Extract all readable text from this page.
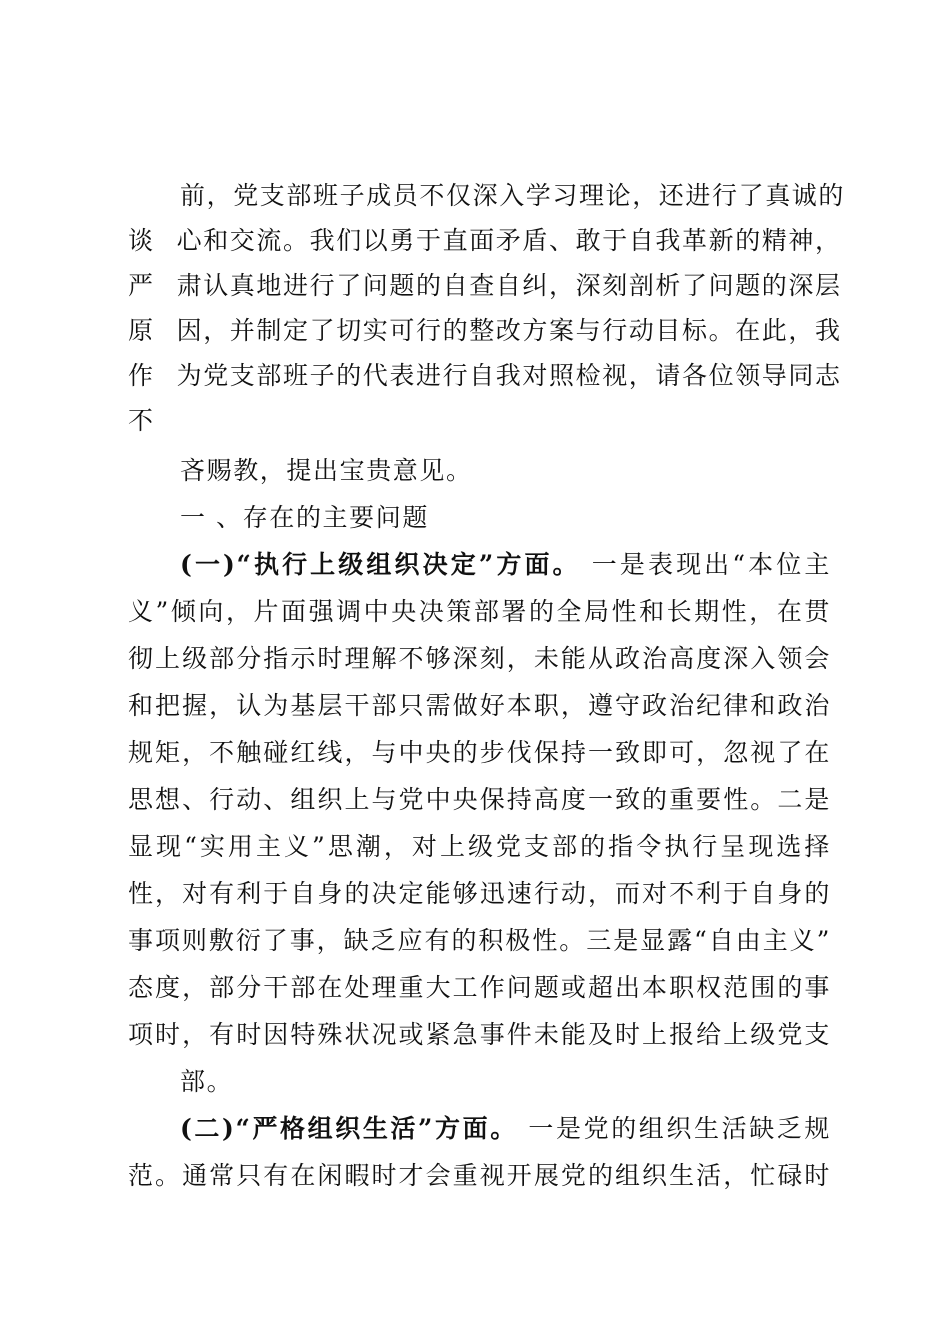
前，党支部班子成员不仅深入学习理论，还进行了真诚的
谈 心和交流。我们以勇于直面矛盾、敢于自我革新的精神，
严 肃认真地进行了问题的自查自纠，深刻剖析了问题的深层
原 因，并制定了切实可行的整改方案与行动目标。在此，我
作 为党支部班子的代表进行自我对照检视，请各位领导同志
不
吝赐教，提出宝贵意见。
一 、存在的主要问题
(一)“执行上级组织决定”方面。 一是表现出“本位主
义”倾向，片面强调中央决策部署的全局性和长期性，在贯
彻上级部分指示时理解不够深刻，未能从政治高度深入领会
和把握，认为基层干部只需做好本职，遵守政治纪律和政治
规矩，不触碰红线，与中央的步伐保持一致即可，忽视了在
思想、行动、组织上与党中央保持高度一致的重要性。二是
显现“实用主义”思潮，对上级党支部的指令执行呈现选择
性，对有利于自身的决定能够迅速行动，而对不利于自身的
事项则敷衍了事，缺乏应有的积极性。三是显露“自由主义”
态度，部分干部在处理重大工作问题或超出本职权范围的事
项时，有时因特殊状况或紧急事件未能及时上报给上级党支
部。
(二)“严格组织生活”方面。 一是党的组织生活缺乏规
范。通常只有在闲暇时才会重视开展党的组织生活，忙碌时
